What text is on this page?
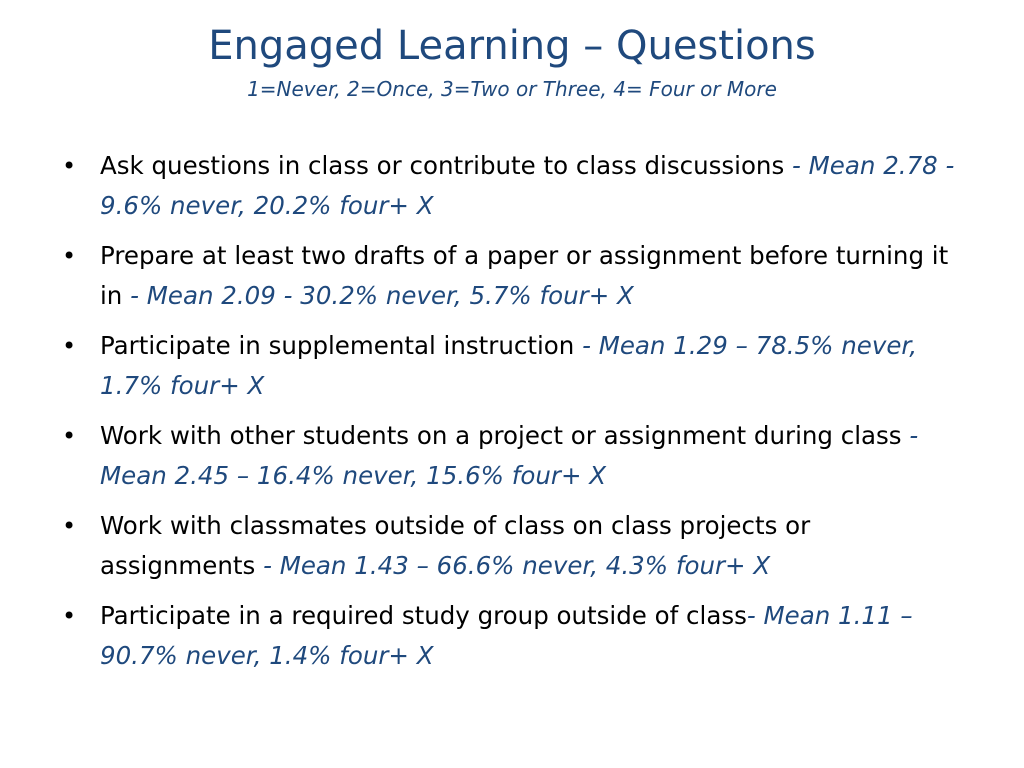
Engaged Learning – Questions

1=Never, 2=Once, 3=Two or Three, 4= Four or More

• Ask questions in class or contribute to class discussions - Mean 2.78 - 9.6% never, 20.2% four+ X
• Prepare at least two drafts of a paper or assignment before turning it in - Mean 2.09 - 30.2% never, 5.7% four+ X
• Participate in supplemental instruction - Mean 1.29 – 78.5% never, 1.7% four+ X
• Work with other students on a project or assignment during class - Mean 2.45 – 16.4% never, 15.6% four+ X
• Work with classmates outside of class on class projects or assignments - Mean 1.43 – 66.6% never, 4.3% four+ X
• Participate in a required study group outside of class- Mean 1.11 – 90.7% never, 1.4% four+ X
